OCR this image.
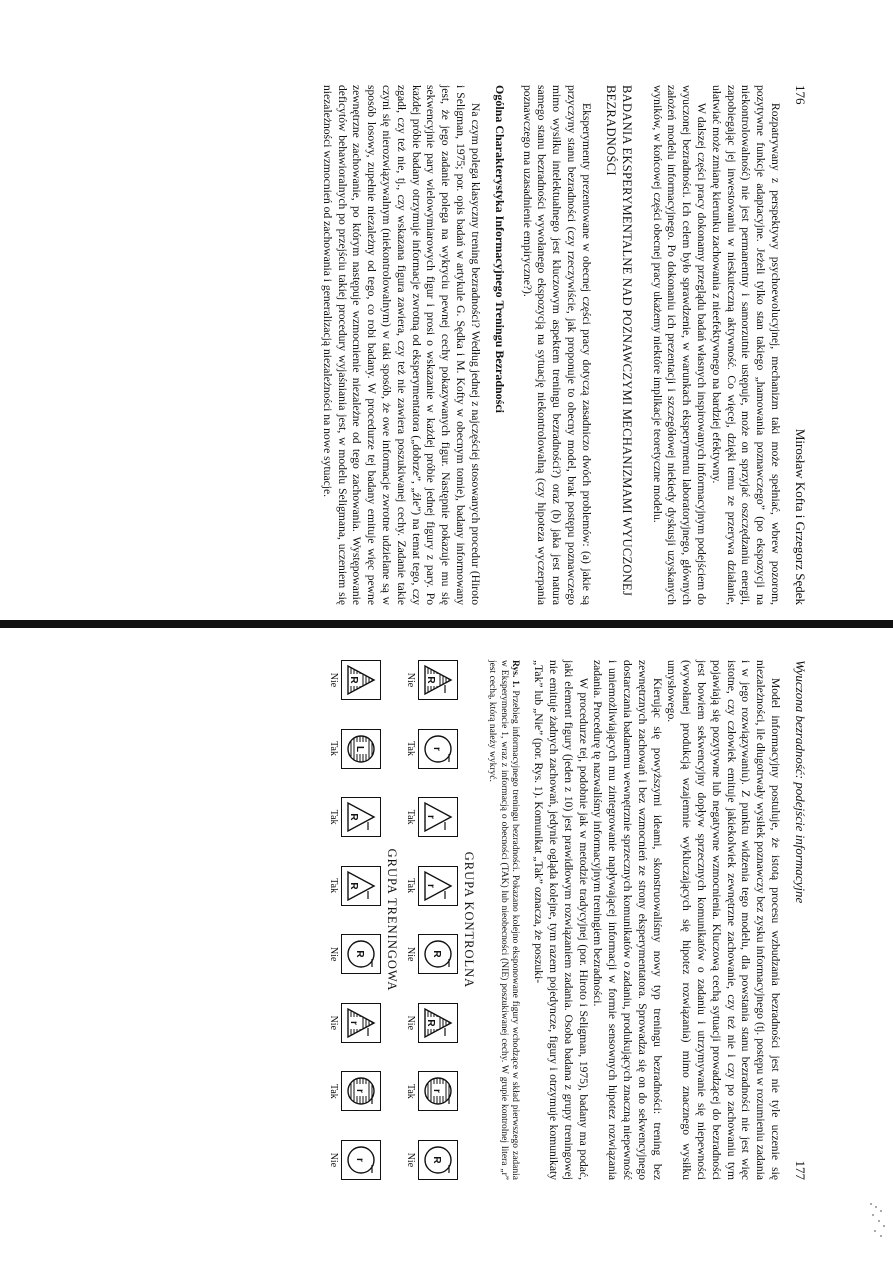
176
Mirosław Kofta i Grzegorz Sędek

Rozpatrywany z perspektywy psychoewolucyjnej, mechanizm taki może spełniać, wbrew pozorom, pozytywne funkcje adaptacyjne. Jeżeli tylko stan takiego „hamowania poznawczego” (po ekspozycji na niekontrolowalność) nie jest permanentny i samorzutnie ustępuje, może on sprzyjać oszczędzaniu energii, zapobiegając jej inwestowaniu w nieskuteczną aktywność. Co więcej, dzięki temu ze przerywa działanie, ułatwiać może zmianę kierunku zachowania z nieefektywnego na bardziej efektywny.

W dalszej części pracy dokonamy przeglądu badań własnych inspirowanych informacyjnym podejściem do wyuczonej bezradności. Ich celem było sprawdzenie, w warunkach eksperymentu laboratoryjnego, głównych założeń modelu informacyjnego. Po dokonaniu ich prezentacji i szczegółowej niekiedy dyskusji uzyskanych wyników, w końcowej części obecnej pracy ukażemy niektóre implikacje teoretyczne modelu.

BADANIA EKSPERYMENTALNE NAD POZNAWCZYMI MECHANIZMAMI WYUCZONEJ BEZRADNOŚCI

Eksperymenty prezentowane w obecnej części pracy dotyczą zasadniczo dwóch problemów: (a) jakie są przyczyny stanu bezradności (czy rzeczywiście, jak proponuje to obecny model, brak postępu poznawczego mimo wysiłku intelektualnego jest kluczowym aspektem treningu bezradności?) oraz (b) jaka jest natura samego stanu bezradności wywołanego ekspozycją na sytuację niekontrolowalną (czy hipoteza wyczerpania poznawczego ma uzasadnienie empiryczne?).

Ogólna Charakterystyka Informacyjnego Treningu Bezradności

Na czym polega klasyczny trening bezradności? Według jednej z najczęściej stosowanych procedur (Hiroto i Seligman, 1975; por. opis badań w artykule G. Sędka i M. Kofty w obecnym tomie), badany informowany jest, że jego zadanie polega na wykryciu pewnej cechy pokazywanych figur. Następnie pokazuje mu się sekwencyjnie pary wielowymiarowych figur i prosi o wskazanie w każdej próbie jednej figury z pary. Po każdej próbie badany otrzymuje informacje zwrotną od eksperymentatora („dobrze”, „źle”) na temat tego, czy zgadł, czy też nie, tj., czy wskazana figura zawiera, czy też nie zawiera poszukiwanej cechy. Zadanie takie czyni się nierozwiązywalnym (niekontrolowalnym) w taki sposób, że owe informacje zwrotne udzielane są w sposób losowy, zupełnie niezależny od tego, co robi badany. W procedurze tej badany emituje więc pewne zewnętrzne zachowanie, po którym następuje wzmocnienie niezależne od tego zachowania. Występowanie deficytów behawioralnych po przejściu takiej procedury wyjaśniania jest, w modelu Seligmana, uczeniem się niezależności wzmocnień od zachowania i generalizacją niezależności na nowe sytuacje.

Wyuczona bezradność: podejście informacyjne
177

Model informacyjny postuluje, że istotą procesu wzbudzania bezradności jest nie tyle uczenie się niezależności, ile długotrwały wysiłek poznawczy bez zysku informacyjnego (tj. postępu w rozumieniu zadania i w jego rozwiązywaniu). Z punktu widzenia tego modelu, dla powstania stanu bezradności nie jest więc istotne, czy człowiek emituje jakiekolwiek zewnętrzne zachowanie, czy też nie i czy po zachowaniu tym pojawiają się pozytywne lub negatywne wzmocnienia. Kluczową cechą sytuacji prowadzącej do bezradności jest bowiem sekwencyjny dopływ sprzecznych komunikatów o zadaniu i utrzymywanie się niepewności (wywołanej produkcją wzajemnie wykluczających się hipotez rozwiązania) mimo znacznego wysiłku umysłowego.

Kierując się powyższymi ideami, skonstruowaliśmy nowy typ treningu bezradności: trening bez zewnętrznych zachowań i bez wzmocnień ze strony eksperymentatora. Sprowadza się on do sekwencyjnego dostarczania badanemu wewnętrznie sprzecznych komunikatów o zadaniu, produkujących znaczną niepewność i uniemożliwiających mu zintegrowanie napływającej informacji w formie sensownych hipotez rozwiązania zadania. Procedurę tę nazwaliśmy informacyjnym treningiem bezradności.

W procedurze tej, podobnie jak w metodzie tradycyjnej (por. Hiroto i Seligman, 1975), badany ma podać, jaki element figury (jeden z 10) jest prawidłowym rozwiązaniem zadania. Osoba badana z grupy treningowej nie emituje żadnych zachowań, jedynie ogląda kolejne, tym razem pojedyncze, figury i otrzymuje komunikaty „Tak” lub „Nie” (por. Rys. 1). Komunikat „Tak” oznacza, że poszuki-

Rys. 1. Przebieg informacyjnego treningu bezradności. Pokazano kolejno eksponowane figury wchodzące w skład pierwszego zadania w Eksperymencie 1, wraz z informacją o obecności (TAK) lub nieobecności (NIE) poszukiwanej cechy. W grupie kontrolnej litera „r” jest cechą, którą należy wykryć.
GRUPA KONTROLNA
R
r
r
r
R
R
r
R
Nie
Tak
Tak
Tak
Nie
Nie
Tak
Nie
GRUPA TRENINGOWA
R
L
R
R
R
r
r
r
Nie
Tak
Tak
Tak
Nie
Nie
Tak
Nie
